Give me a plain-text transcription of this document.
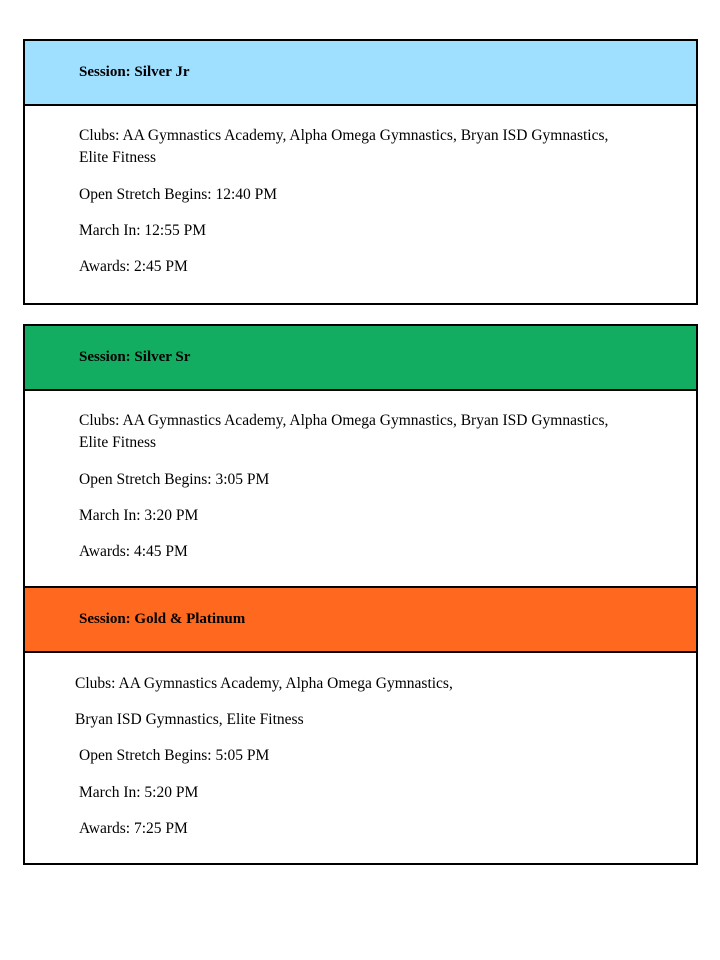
Session: Silver Jr
Clubs: AA Gymnastics Academy, Alpha Omega Gymnastics, Bryan ISD Gymnastics,
Elite Fitness
Open Stretch Begins: 12:40 PM
March In: 12:55 PM
Awards: 2:45 PM
Session: Silver Sr
Clubs: AA Gymnastics Academy, Alpha Omega Gymnastics, Bryan ISD Gymnastics,
Elite Fitness
Open Stretch Begins: 3:05 PM
March In: 3:20 PM
Awards: 4:45 PM
Session: Gold & Platinum
Clubs: AA Gymnastics Academy, Alpha Omega Gymnastics,
Bryan ISD Gymnastics, Elite Fitness
Open Stretch Begins: 5:05 PM
March In: 5:20 PM
Awards: 7:25 PM
